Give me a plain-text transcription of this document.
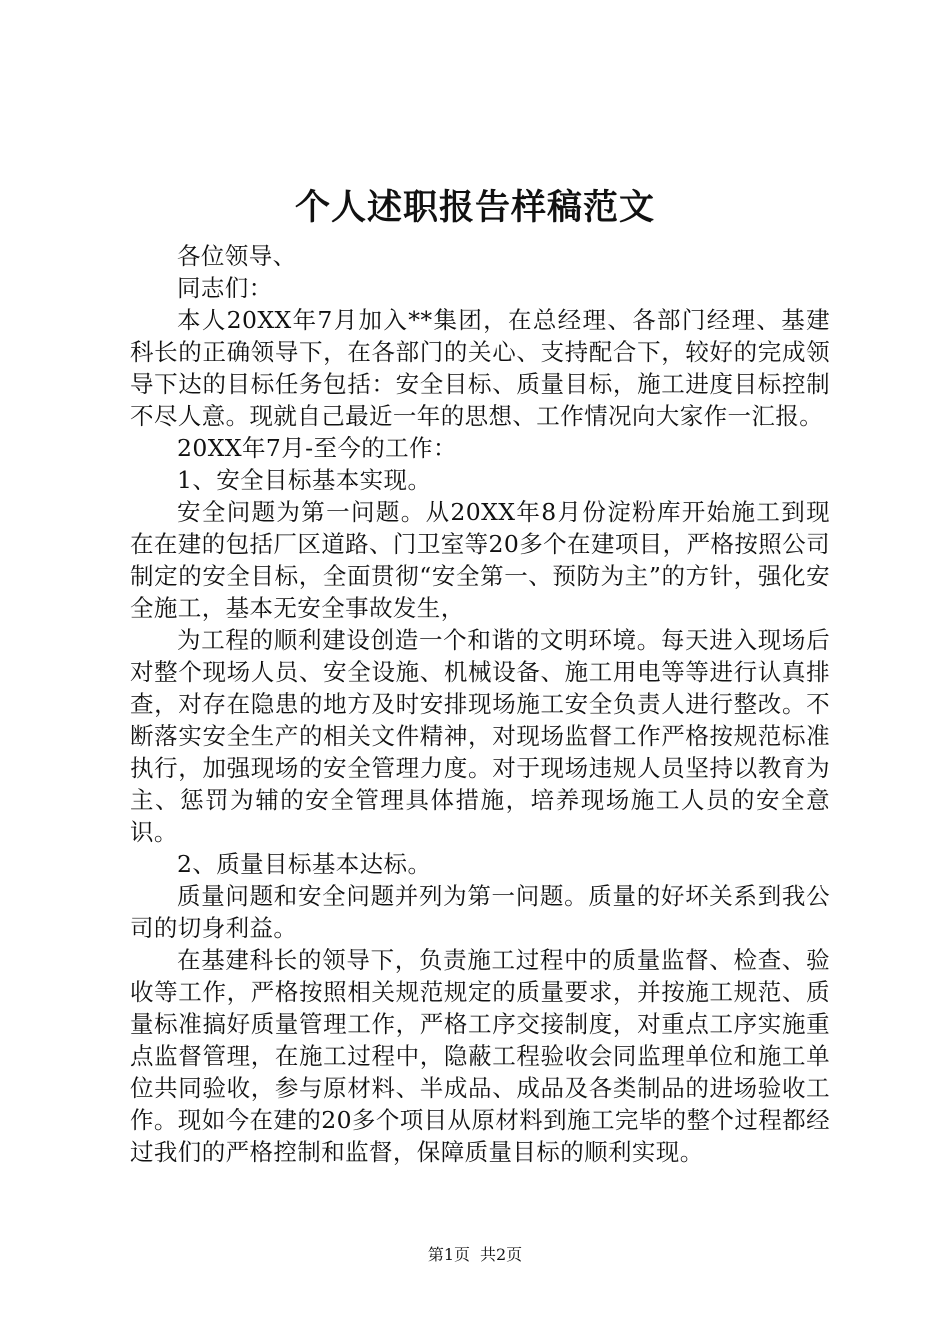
个人述职报告样稿范文

各位领导、

同志们：

本人20XX年7月加入**集团，在总经理、各部门经理、基建科长的正确领导下，在各部门的关心、支持配合下，较好的完成领导下达的目标任务包括：安全目标、质量目标，施工进度目标控制不尽人意。现就自己最近一年的思想、工作情况向大家作一汇报。

20XX年7月-至今的工作：

1、安全目标基本实现。

安全问题为第一问题。从20XX年8月份淀粉库开始施工到现在在建的包括厂区道路、门卫室等20多个在建项目，严格按照公司制定的安全目标，全面贯彻“安全第一、预防为主”的方针，强化安全施工，基本无安全事故发生，

为工程的顺利建设创造一个和谐的文明环境。每天进入现场后对整个现场人员、安全设施、机械设备、施工用电等等进行认真排查，对存在隐患的地方及时安排现场施工安全负责人进行整改。不断落实安全生产的相关文件精神，对现场监督工作严格按规范标准执行，加强现场的安全管理力度。对于现场违规人员坚持以教育为主、惩罚为辅的安全管理具体措施，培养现场施工人员的安全意识。

2、质量目标基本达标。

质量问题和安全问题并列为第一问题。质量的好坏关系到我公司的切身利益。

在基建科长的领导下，负责施工过程中的质量监督、检查、验收等工作，严格按照相关规范规定的质量要求，并按施工规范、质量标准搞好质量管理工作，严格工序交接制度，对重点工序实施重点监督管理，在施工过程中，隐蔽工程验收会同监理单位和施工单位共同验收，参与原材料、半成品、成品及各类制品的进场验收工作。现如今在建的20多个项目从原材料到施工完毕的整个过程都经过我们的严格控制和监督，保障质量目标的顺利实现。

第1页 共2页
